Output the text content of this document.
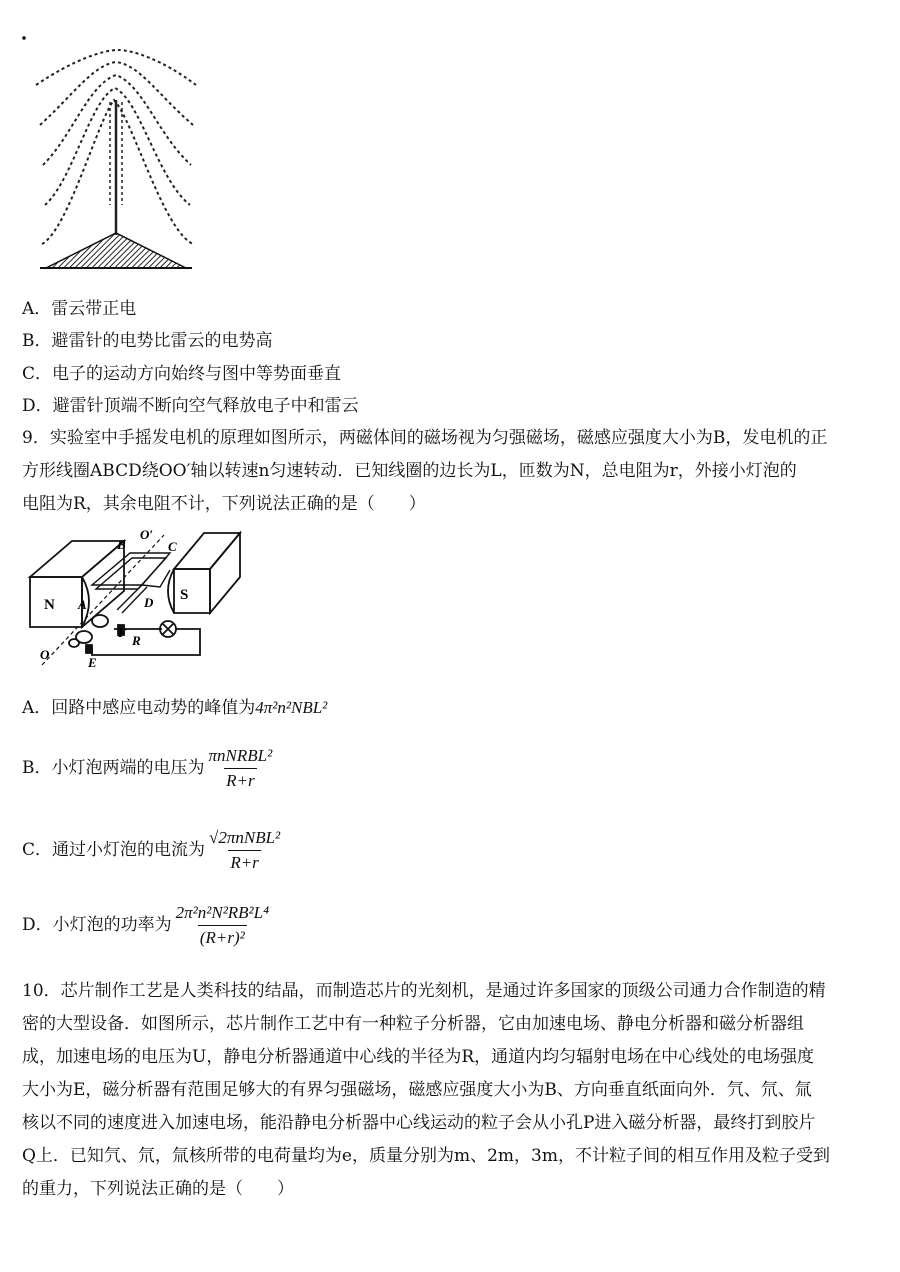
A．雷云带正电
B．避雷针的电势比雷云的电势高
C．电子的运动方向始终与图中等势面垂直
D．避雷针顶端不断向空气释放电子中和雷云
9．实验室中手摇发电机的原理如图所示，两磁体间的磁场视为匀强磁场，磁感应强度大小为B，发电机的正
方形线圈ABCD绕OO′轴以转速n匀速转动．已知线圈的边长为L，匝数为N，总电阻为r，外接小灯泡的
电阻为R，其余电阻不计，下列说法正确的是（　　）
N
S
B	C
O′
A	D
F
R
O
E
A．回路中感应电动势的峰值为4π²n²NBL²
B．小灯泡两端的电压为 $\frac{\text{πnNRBL²}}{R+r}$
C．通过小灯泡的电流为 $\frac{\text{√2πnNBL²}}{R+r}$
D．小灯泡的功率为 $\frac{\text{2π²n²N²RB²L⁴}}{\text{(R+r)²}}$
10．芯片制作工艺是人类科技的结晶，而制造芯片的光刻机，是通过许多国家的顶级公司通力合作制造的精
密的大型设备．如图所示，芯片制作工艺中有一种粒子分析器，它由加速电场、静电分析器和磁分析器组
成，加速电场的电压为U，静电分析器通道中心线的半径为R，通道内均匀辐射电场在中心线处的电场强度
大小为E，磁分析器有范围足够大的有界匀强磁场，磁感应强度大小为B、方向垂直纸面向外．氕、氘、氚
核以不同的速度进入加速电场，能沿静电分析器中心线运动的粒子会从小孔P进入磁分析器，最终打到胶片
Q上．已知氕、氘，氚核所带的电荷量均为e，质量分别为m、2m，3m，不计粒子间的相互作用及粒子受到
的重力，下列说法正确的是（　　）
